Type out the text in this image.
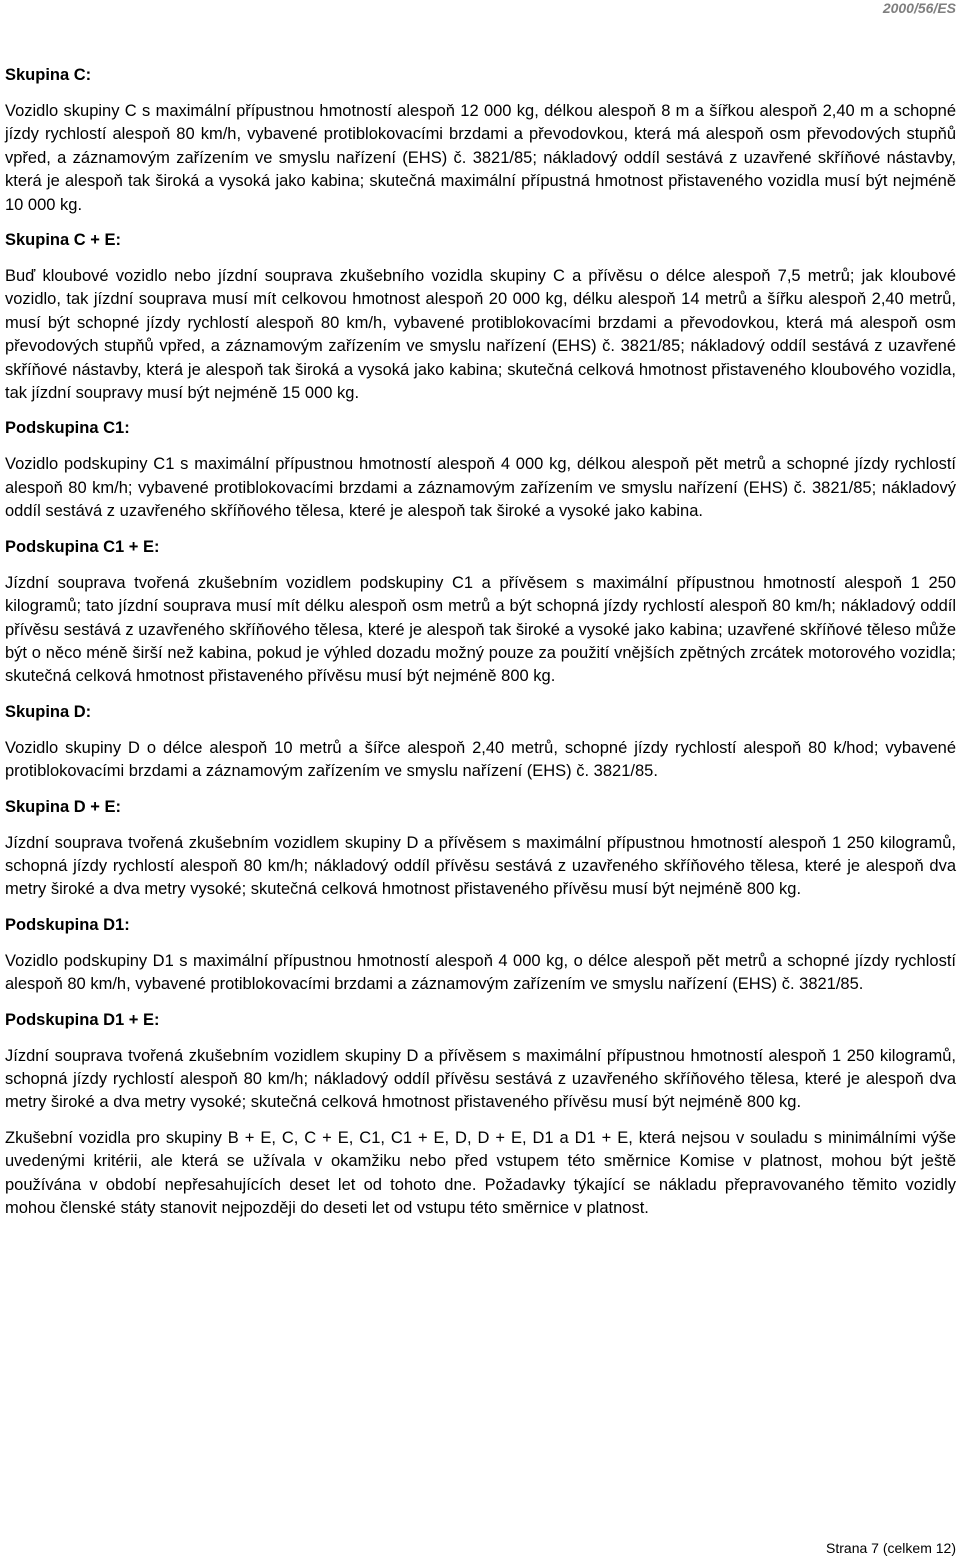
2000/56/ES
Skupina C:
Vozidlo skupiny C s maximální přípustnou hmotností alespoň 12 000 kg, délkou alespoň 8 m a šířkou alespoň 2,40 m a schopné jízdy rychlostí alespoň 80 km/h, vybavené protiblokovacími brzdami a převodovkou, která má alespoň osm převodových stupňů vpřed, a záznamovým zařízením ve smyslu nařízení (EHS) č. 3821/85; nákladový oddíl sestává z uzavřené skříňové nástavby, která je alespoň tak široká a vysoká jako kabina; skutečná maximální přípustná hmotnost přistaveného vozidla musí být nejméně 10 000 kg.
Skupina C + E:
Buď kloubové vozidlo nebo jízdní souprava zkušebního vozidla skupiny C a přívěsu o délce alespoň 7,5 metrů; jak kloubové vozidlo, tak jízdní souprava musí mít celkovou hmotnost alespoň 20 000 kg, délku alespoň 14 metrů a šířku alespoň 2,40 metrů, musí být schopné jízdy rychlostí alespoň 80 km/h, vybavené protiblokovacími brzdami a převodovkou, která má alespoň osm převodových stupňů vpřed, a záznamovým zařízením ve smyslu nařízení (EHS) č. 3821/85; nákladový oddíl sestává z uzavřené skříňové nástavby, která je alespoň tak široká a vysoká jako kabina; skutečná celková hmotnost přistaveného kloubového vozidla, tak jízdní soupravy musí být nejméně 15 000 kg.
Podskupina C1:
Vozidlo podskupiny C1 s maximální přípustnou hmotností alespoň 4 000 kg, délkou alespoň pět metrů a schopné jízdy rychlostí alespoň 80 km/h; vybavené protiblokovacími brzdami a záznamovým zařízením ve smyslu nařízení (EHS) č. 3821/85; nákladový oddíl sestává z uzavřeného skříňového tělesa, které je alespoň tak široké a vysoké jako kabina.
Podskupina C1 + E:
Jízdní souprava tvořená zkušebním vozidlem podskupiny C1 a přívěsem s maximální přípustnou hmotností alespoň 1 250 kilogramů; tato jízdní souprava musí mít délku alespoň osm metrů a být schopná jízdy rychlostí alespoň 80 km/h; nákladový oddíl přívěsu sestává z uzavřeného skříňového tělesa, které je alespoň tak široké a vysoké jako kabina; uzavřené skříňové těleso může být o něco méně širší než kabina, pokud je výhled dozadu možný pouze za použití vnějších zpětných zrcátek motorového vozidla; skutečná celková hmotnost přistaveného přívěsu musí být nejméně 800 kg.
Skupina D:
Vozidlo skupiny D o délce alespoň 10 metrů a šířce alespoň 2,40 metrů, schopné jízdy rychlostí alespoň 80 k/hod; vybavené protiblokovacími brzdami a záznamovým zařízením ve smyslu nařízení (EHS) č. 3821/85.
Skupina D + E:
Jízdní souprava tvořená zkušebním vozidlem skupiny D a přívěsem s maximální přípustnou hmotností alespoň 1 250 kilogramů, schopná jízdy rychlostí alespoň 80 km/h; nákladový oddíl přívěsu sestává z uzavřeného skříňového tělesa, které je alespoň dva metry široké a dva metry vysoké; skutečná celková hmotnost přistaveného přívěsu musí být nejméně 800 kg.
Podskupina D1:
Vozidlo podskupiny D1 s maximální přípustnou hmotností alespoň 4 000 kg, o délce alespoň pět metrů a schopné jízdy rychlostí alespoň 80 km/h, vybavené protiblokovacími brzdami a záznamovým zařízením ve smyslu nařízení (EHS) č. 3821/85.
Podskupina D1 + E:
Jízdní souprava tvořená zkušebním vozidlem skupiny D a přívěsem s maximální přípustnou hmotností alespoň 1 250 kilogramů, schopná jízdy rychlostí alespoň 80 km/h; nákladový oddíl přívěsu sestává z uzavřeného skříňového tělesa, které je alespoň dva metry široké a dva metry vysoké; skutečná celková hmotnost přistaveného přívěsu musí být nejméně 800 kg.
Zkušební vozidla pro skupiny B + E, C, C + E, C1, C1 + E, D, D + E, D1 a D1 + E, která nejsou v souladu s minimálními výše uvedenými kritérii, ale která se užívala v okamžiku nebo před vstupem této směrnice Komise v platnost, mohou být ještě používána v období nepřesahujících deset let od tohoto dne. Požadavky týkající se nákladu přepravovaného těmito vozidly mohou členské státy stanovit nejpozději do deseti let od vstupu této směrnice v platnost.
Strana 7 (celkem 12)
